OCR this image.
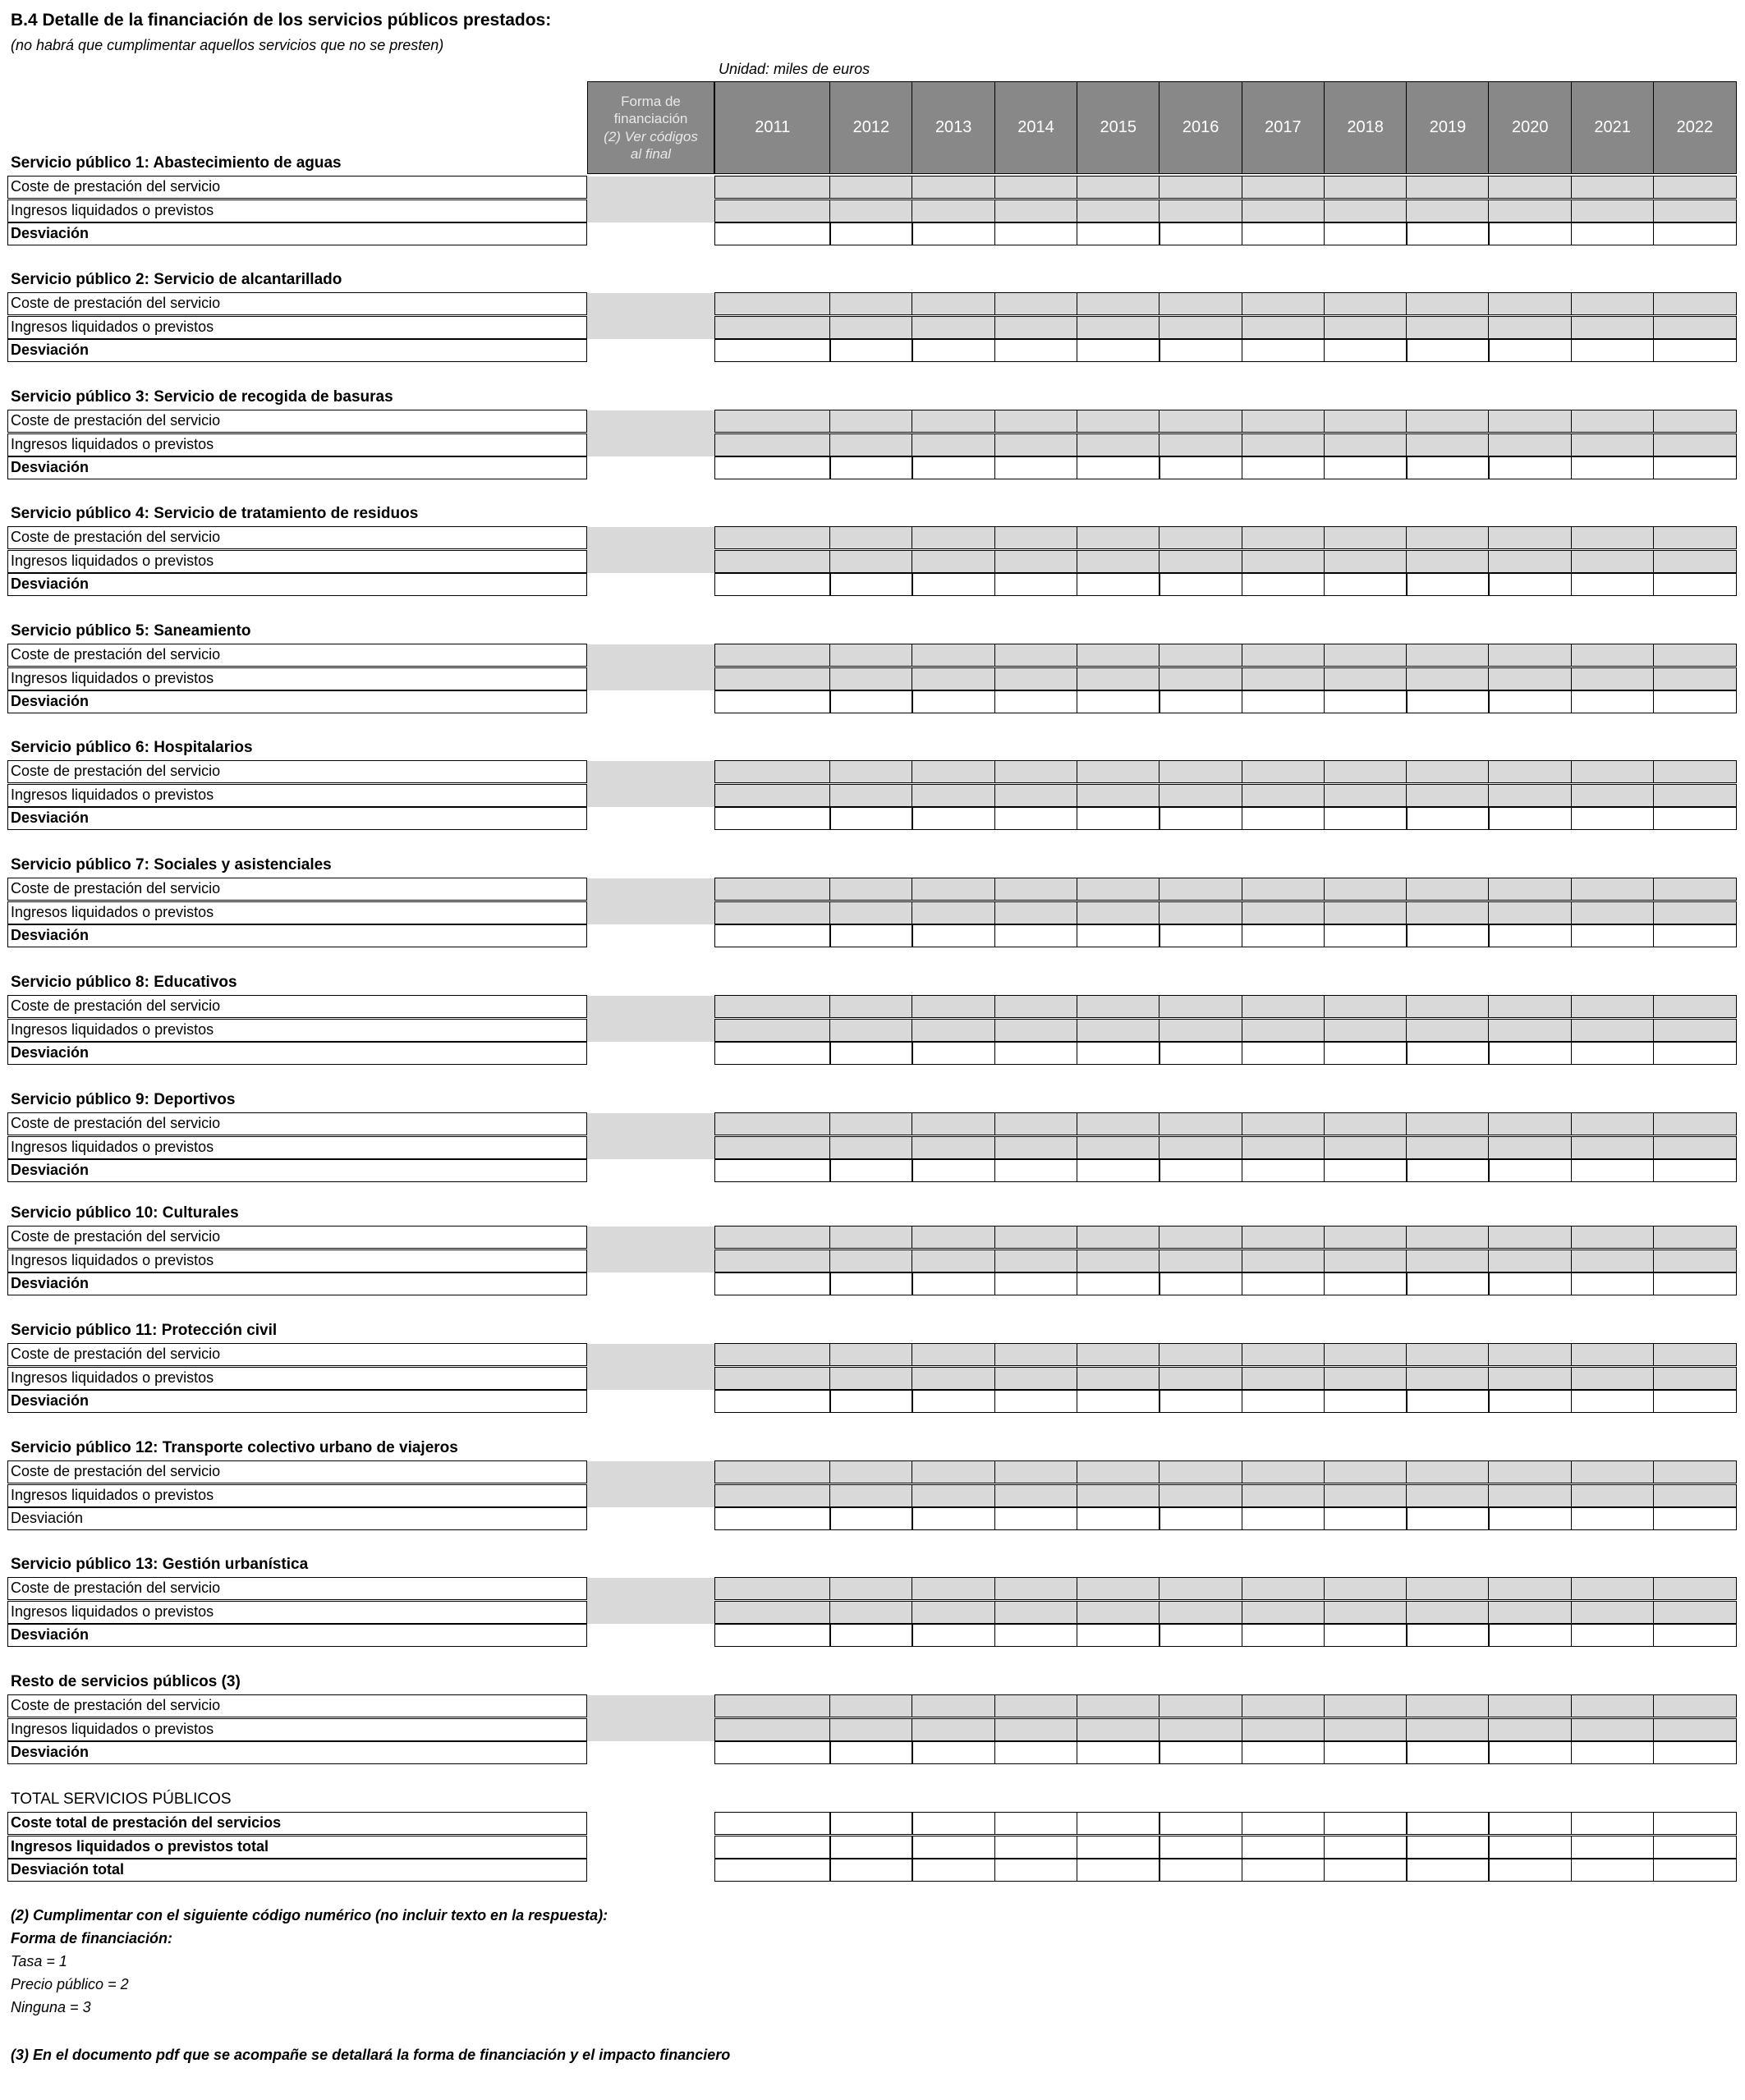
B.4 Detalle de la financiación de los servicios públicos prestados:
(no habrá que cumplimentar aquellos servicios que no se presten)
Unidad: miles de euros
Forma de
financiación
(2) Ver códigos
al final
2011	2012	2013	2014	2015	2016	2017	2018	2019	2020	2021	2022
Servicio público 1: Abastecimiento de aguas
Coste de prestación del servicio
Ingresos liquidados o previstos
Desviación
Servicio público 2: Servicio de alcantarillado
Coste de prestación del servicio
Ingresos liquidados o previstos
Desviación
Servicio público 3: Servicio de recogida de basuras
Coste de prestación del servicio
Ingresos liquidados o previstos
Desviación
Servicio público 4: Servicio de tratamiento de residuos
Coste de prestación del servicio
Ingresos liquidados o previstos
Desviación
Servicio público 5: Saneamiento
Coste de prestación del servicio
Ingresos liquidados o previstos
Desviación
Servicio público 6: Hospitalarios
Coste de prestación del servicio
Ingresos liquidados o previstos
Desviación
Servicio público 7: Sociales y asistenciales
Coste de prestación del servicio
Ingresos liquidados o previstos
Desviación
Servicio público 8: Educativos
Coste de prestación del servicio
Ingresos liquidados o previstos
Desviación
Servicio público 9: Deportivos
Coste de prestación del servicio
Ingresos liquidados o previstos
Desviación
Servicio público 10: Culturales
Coste de prestación del servicio
Ingresos liquidados o previstos
Desviación
Servicio público 11: Protección civil
Coste de prestación del servicio
Ingresos liquidados o previstos
Desviación
Servicio público 12: Transporte colectivo urbano de viajeros
Coste de prestación del servicio
Ingresos liquidados o previstos
Desviación
Servicio público 13: Gestión urbanística
Coste de prestación del servicio
Ingresos liquidados o previstos
Desviación
Resto de servicios públicos (3)
Coste de prestación del servicio
Ingresos liquidados o previstos
Desviación
TOTAL SERVICIOS PÚBLICOS
Coste total de prestación del servicios
Ingresos liquidados o previstos total
Desviación total
(2) Cumplimentar con el siguiente código numérico (no incluir texto en la respuesta):
Forma de financiación:
Tasa = 1
Precio público = 2
Ninguna = 3
(3) En el documento pdf que se acompañe se detallará la forma de financiación y el impacto financiero
